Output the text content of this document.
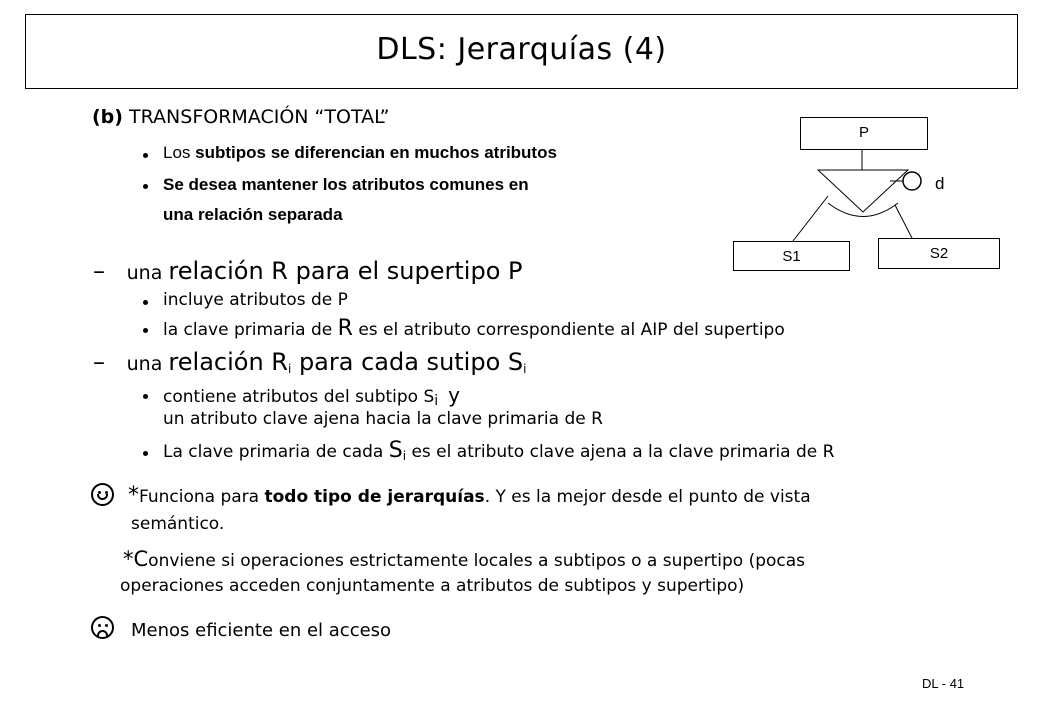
DLS: Jerarquías (4)
(b) TRANSFORMACIÓN “TOTAL”
Los subtipos se diferencian en muchos atributos
Se desea mantener los atributos comunes en
una relación separada
P
S1	S2
d
– una relación R para el supertipo P
incluye atributos de P
la clave primaria de R es el atributo correspondiente al AIP del supertipo
– una relación $R_i$ para cada sutipo $S_i$
contiene atributos del subtipo $S_i$ y
un atributo clave ajena hacia la clave primaria de R
La clave primaria de cada $S_i$ es el atributo clave ajena a la clave primaria de R
*Funciona para todo tipo de jerarquías. Y es la mejor desde el punto de vista
semántico.
*Conviene si operaciones estrictamente locales a subtipos o a supertipo (pocas
operaciones acceden conjuntamente a atributos de subtipos y supertipo)
Menos eficiente en el acceso
DL - 41
